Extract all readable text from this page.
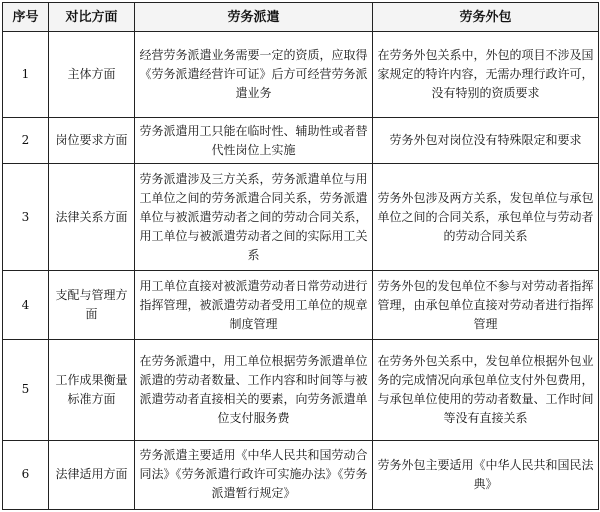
序号	对比方面	劳务派遣	劳务外包
1	主体方面	经营劳务派遣业务需要一定的资质，应取得《劳务派遣经营许可证》后方可经营劳务派遣业务	在劳务外包关系中，外包的项目不涉及国家规定的特许内容，无需办理行政许可，没有特别的资质要求
2	岗位要求方面	劳务派遣用工只能在临时性、辅助性或者替代性岗位上实施	劳务外包对岗位没有特殊限定和要求
3	法律关系方面	劳务派遣涉及三方关系，劳务派遣单位与用工单位之间的劳务派遣合同关系，劳务派遣单位与被派遣劳动者之间的劳动合同关系，用工单位与被派遣劳动者之间的实际用工关系	劳务外包涉及两方关系，发包单位与承包单位之间的合同关系，承包单位与劳动者的劳动合同关系
4	支配与管理方面	用工单位直接对被派遣劳动者日常劳动进行指挥管理，被派遣劳动者受用工单位的规章制度管理	劳务外包的发包单位不参与对劳动者指挥管理，由承包单位直接对劳动者进行指挥管理
5	工作成果衡量标准方面	在劳务派遣中，用工单位根据劳务派遣单位派遣的劳动者数量、工作内容和时间等与被派遣劳动者直接相关的要素，向劳务派遣单位支付服务费	在劳务外包关系中，发包单位根据外包业务的完成情况向承包单位支付外包费用，与承包单位使用的劳动者数量、工作时间等没有直接关系
6	法律适用方面	劳务派遣主要适用《中华人民共和国劳动合同法》《劳务派遣行政许可实施办法》《劳务派遣暂行规定》	劳务外包主要适用《中华人民共和国民法典》
